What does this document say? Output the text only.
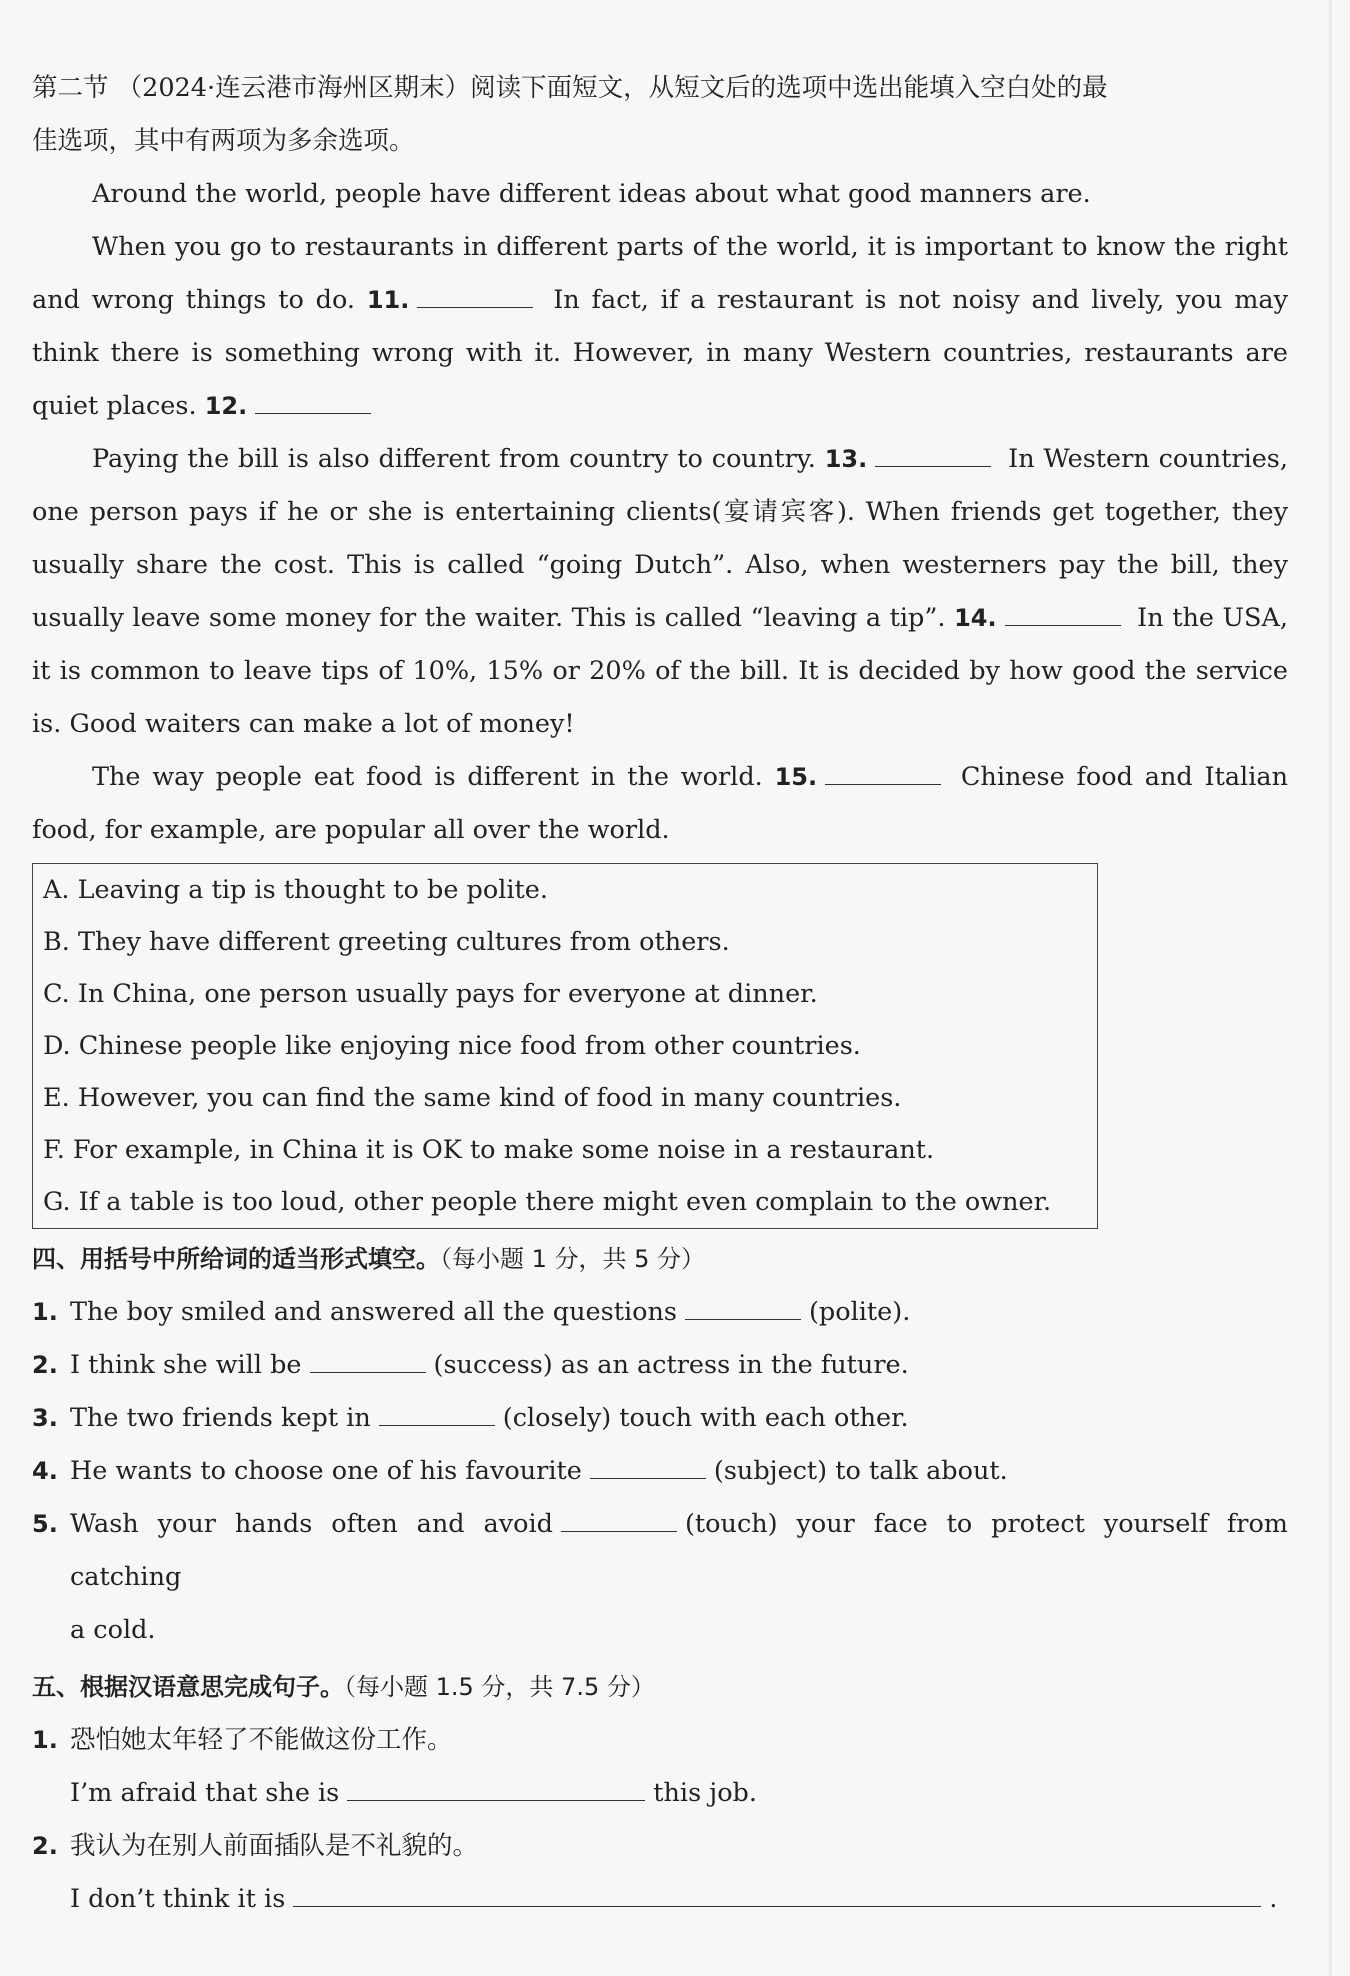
第二节 （2024·连云港市海州区期末）阅读下面短文，从短文后的选项中选出能填入空白处的最
佳选项，其中有两项为多余选项。

Around the world, people have different ideas about what good manners are.

When you go to restaurants in different parts of the world, it is important to know the right and wrong things to do. 11.	In fact, if a restaurant is not noisy and lively, you may think there is something wrong with it. However, in many Western countries, restaurants are quiet places. 12.

Paying the bill is also different from country to country. 13.	In Western countries, one person pays if he or she is entertaining clients(宴请宾客). When friends get together, they usually share the cost. This is called “going Dutch”. Also, when westerners pay the bill, they usually leave some money for the waiter. This is called “leaving a tip”. 14.	In the USA, it is common to leave tips of 10%, 15% or 20% of the bill. It is decided by how good the service is. Good waiters can make a lot of money!

The way people eat food is different in the world. 15.	Chinese food and Italian food, for example, are popular all over the world.

A. Leaving a tip is thought to be polite.
B. They have different greeting cultures from others.
C. In China, one person usually pays for everyone at dinner.
D. Chinese people like enjoying nice food from other countries.
E. However, you can find the same kind of food in many countries.
F. For example, in China it is OK to make some noise in a restaurant.
G. If a table is too loud, other people there might even complain to the owner.
四、用括号中所给词的适当形式填空。（每小题 1 分，共 5 分）
1. The boy smiled and answered all the questions	(polite).
2. I think she will be	(success) as an actress in the future.
3. The two friends kept in	(closely) touch with each other.
4. He wants to choose one of his favourite	(subject) to talk about.
5. Wash your hands often and avoid	(touch) your face to protect yourself from catching
a cold.
五、根据汉语意思完成句子。（每小题 1.5 分，共 7.5 分）
1. 恐怕她太年轻了不能做这份工作。
I’m afraid that she is	this job.
2. 我认为在别人前面插队是不礼貌的。
I don’t think it is	.
